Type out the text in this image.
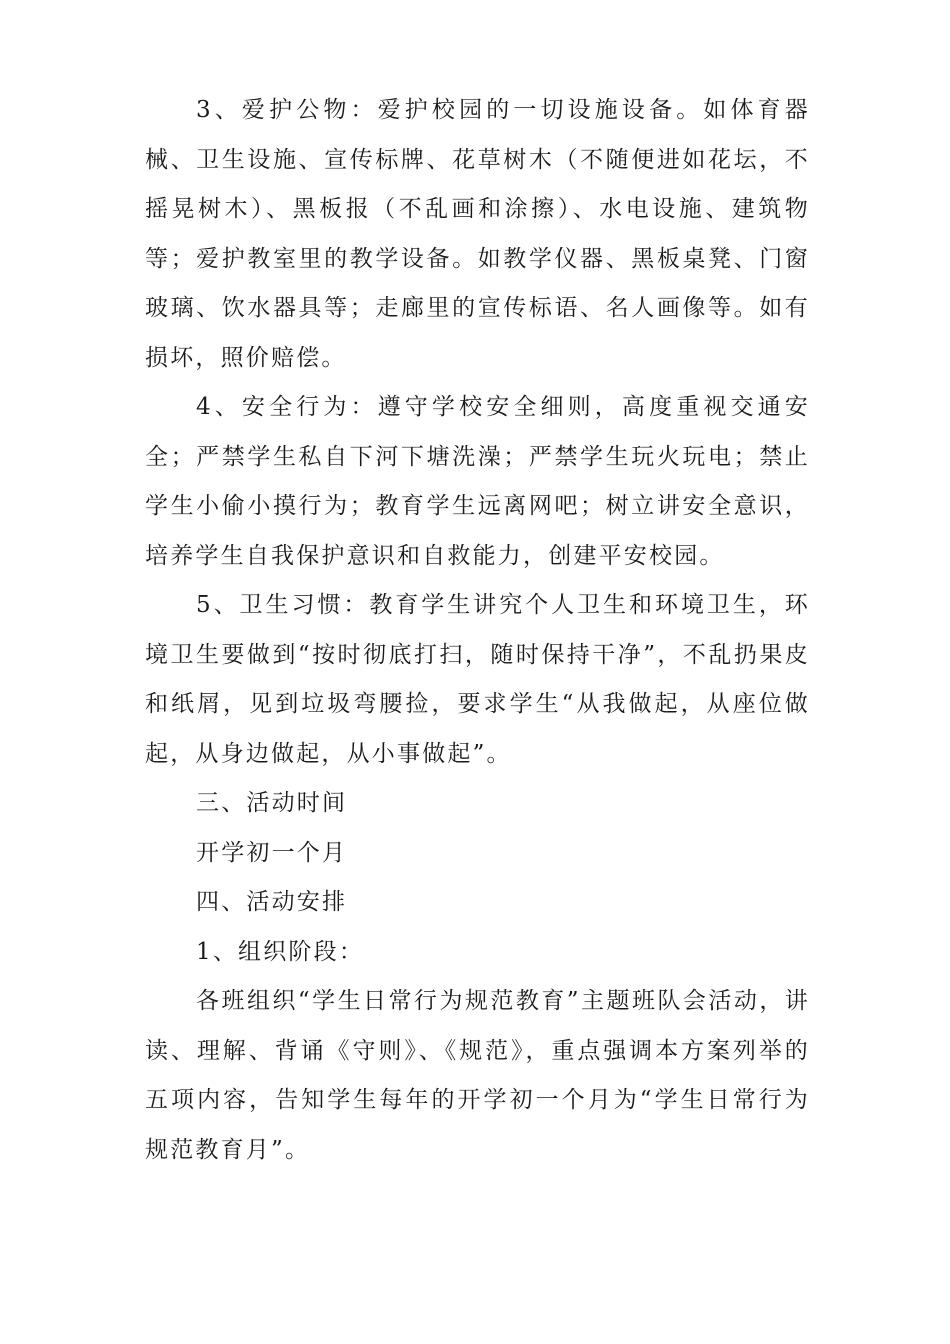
3、爱护公物：爱护校园的一切设施设备。如体育器械、卫生设施、宣传标牌、花草树木（不随便进如花坛，不摇晃树木）、黑板报（不乱画和涂擦）、水电设施、建筑物等；爱护教室里的教学设备。如教学仪器、黑板桌凳、门窗玻璃、饮水器具等；走廊里的宣传标语、名人画像等。如有损坏，照价赔偿。

4、安全行为：遵守学校安全细则，高度重视交通安全；严禁学生私自下河下塘洗澡；严禁学生玩火玩电；禁止学生小偷小摸行为；教育学生远离网吧；树立讲安全意识，培养学生自我保护意识和自救能力，创建平安校园。

5、卫生习惯：教育学生讲究个人卫生和环境卫生，环境卫生要做到“按时彻底打扫，随时保持干净”，不乱扔果皮和纸屑，见到垃圾弯腰捡，要求学生“从我做起，从座位做起，从身边做起，从小事做起”。

三、活动时间

开学初一个月

四、活动安排

1、组织阶段：

各班组织“学生日常行为规范教育”主题班队会活动，讲读、理解、背诵《守则》、《规范》，重点强调本方案列举的五项内容，告知学生每年的开学初一个月为“学生日常行为规范教育月”。
